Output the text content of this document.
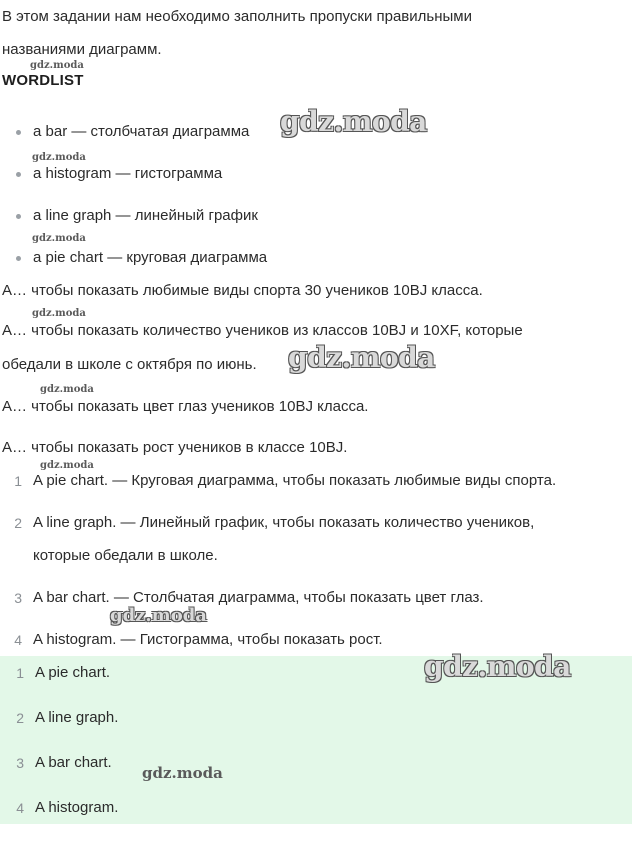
В этом задании нам необходимо заполнить пропуски правильными
названиями диаграмм.
gdz.moda
WORDLIST
a bar — столбчатая диаграмма gdz.moda
gdz.moda
a histogram — гистограмма
a line graph — линейный график
gdz.moda
a pie chart — круговая диаграмма
A… чтобы показать любимые виды спорта 30 учеников 10BJ класса.
gdz.moda
A… чтобы показать количество учеников из классов 10BJ и 10XF, которые
обедали в школе с октября по июнь. gdz.moda
gdz.moda
A… чтобы показать цвет глаз учеников 10BJ класса.
A… чтобы показать рост учеников в классе 10BJ.
gdz.moda
1 A pie chart. — Круговая диаграмма, чтобы показать любимые виды спорта.
2 A line graph. — Линейный график, чтобы показать количество учеников,
которые обедали в школе.
3 A bar chart. — Столбчатая диаграмма, чтобы показать цвет глаз.
gdz.moda
4 A histogram. — Гистограмма, чтобы показать рост.
gdz.moda
1 A pie chart.
2 A line graph.
3 A bar chart.
gdz.moda
4 A histogram.
